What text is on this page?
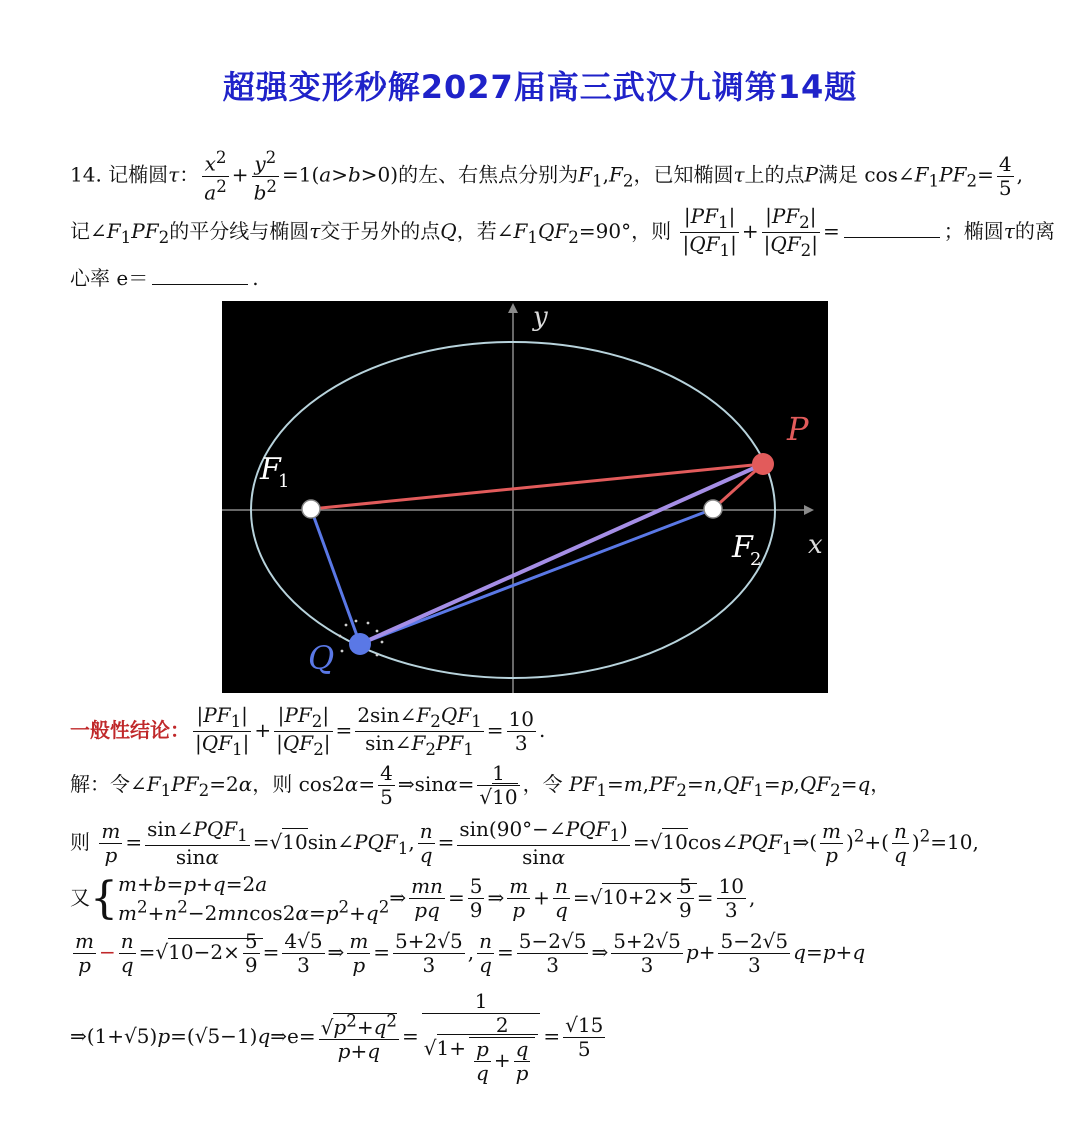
超强变形秒解2027届高三武汉九调第14题
14. 记椭圆τ： $\frac{x^2}{a^2} + \frac{y^2}{b^2} =1(a>b>0)$的左、右焦点分别为$F_1,F_2$，已知椭圆τ上的点P满足 $\cos\angle F_1PF_2= \frac{4}{5}$ ,
记$\angle F_1PF_2$的平分线与椭圆τ交于另外的点Q，若$\angle F_1QF_2=90^\circ$，则 $\frac{|PF_1|}{|QF_1|} + \frac{|PF_2|}{|QF_2|}$ =	；椭圆τ的离
心率 e＝	.
y
x
F
1
F
2
P
Q
一般性结论： $\frac{|PF_1|}{|QF_1|} + \frac{|PF_2|}{|QF_2|} = \frac{2\sin\angle F_2QF_1}{\sin\angle F_2PF_1} = \frac{10}{3}$ .
解：令$\angle F_1PF_2=2\alpha$，则 $\cos 2\alpha= \frac{4}{5}$ ⇒sinα= $\frac{1}{√10}$ ，令 $PF_1=m,PF_2=n,QF_1=p,QF_2=q$，
则 $\frac{m}{p} = \frac{\sin\angle PQF_1}{\sin\alpha}$ $=√10\sin\angle PQF_1$, $\frac{n}{q} = \frac{\sin(90^\circ-\angle PQF_1)}{\sin\alpha}$ $=√10\cos\angle PQF_1\Rightarrow( \frac{m}{p} )^2+( \frac{n}{q} )^2=10$,
又{m+b=p+q=2a
$m^2+n^2-2mncos2\alpha=p^2+q^2\Rightarrow \frac{mn}{pq} = \frac{5}{9}$ ⇒ $\frac{m}{p} + \frac{n}{q} =√10+2\times \frac{5}{9} = \frac{10}{3}$ ,
$\frac{m}{p} - \frac{n}{q} =√10-2\times \frac{5}{9} = \frac{4√5}{3}$ ⇒ $\frac{m}{p} = \frac{5+2√5}{3}$ , $\frac{n}{q} = \frac{5-2√5}{3}$ ⇒ $\frac{5+2√5}{3} p+ \frac{5-2√5}{3} q=p+q$
⇒(1+√5)p=(√5−1)q⇒e= $\frac{√p^2+q^2}{p+q} = \frac{1}{√1+ \frac{2}{\frac{p}{q} + \frac{q}{p}}} = \frac{√15}{5}$
